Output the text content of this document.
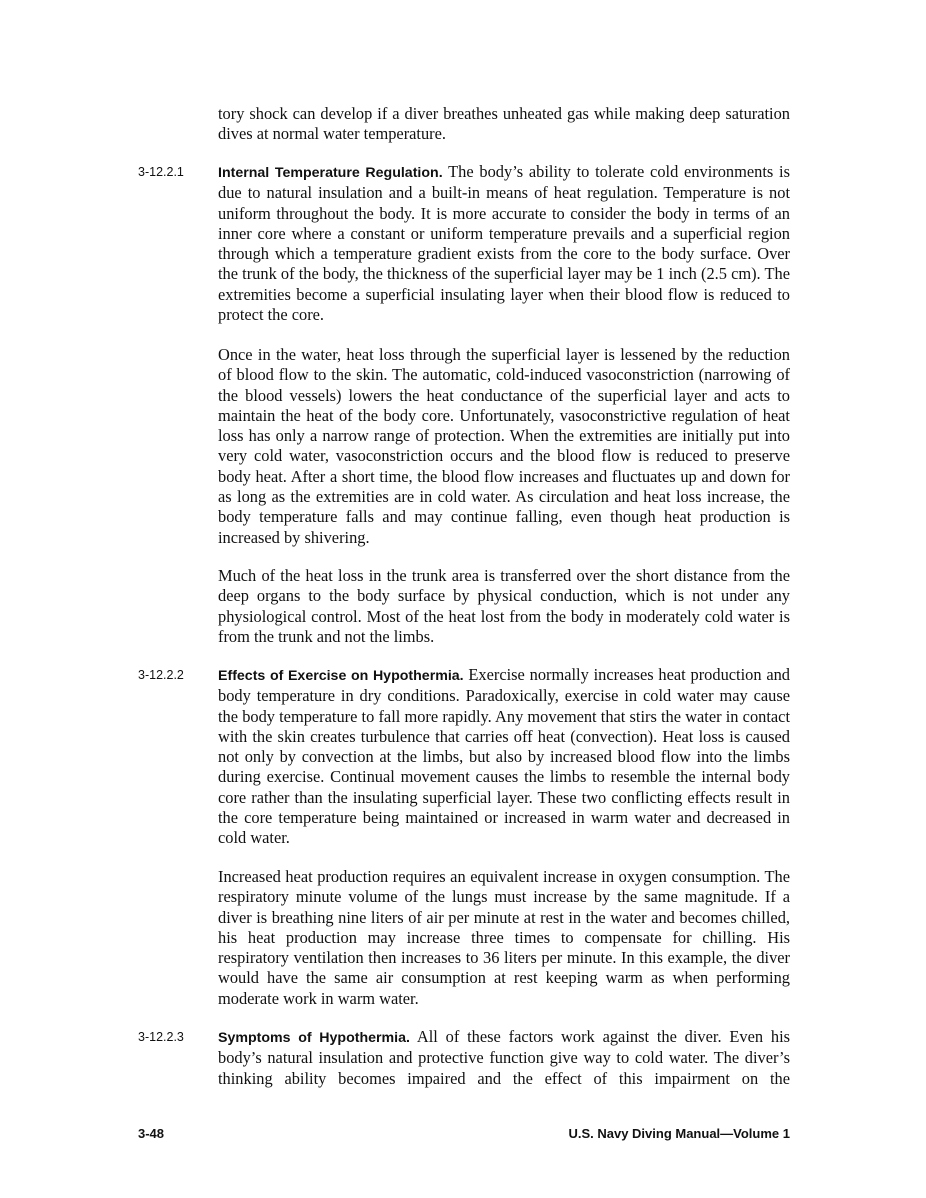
tory shock can develop if a diver breathes unheated gas while making deep saturation dives at normal water temperature.

3-12.2.1 Internal Temperature Regulation. The body’s ability to tolerate cold environments is due to natural insulation and a built-in means of heat regulation. Temperature is not uniform throughout the body. It is more accurate to consider the body in terms of an inner core where a constant or uniform temperature prevails and a superficial region through which a temperature gradient exists from the core to the body surface. Over the trunk of the body, the thickness of the superficial layer may be 1 inch (2.5 cm). The extremities become a superficial insulating layer when their blood flow is reduced to protect the core.

Once in the water, heat loss through the superficial layer is lessened by the reduction of blood flow to the skin. The automatic, cold-induced vasoconstriction (narrowing of the blood vessels) lowers the heat conductance of the superficial layer and acts to maintain the heat of the body core. Unfortunately, vasoconstrictive regulation of heat loss has only a narrow range of protection. When the extremities are initially put into very cold water, vasoconstriction occurs and the blood flow is reduced to preserve body heat. After a short time, the blood flow increases and fluctuates up and down for as long as the extremities are in cold water. As circulation and heat loss increase, the body temperature falls and may continue falling, even though heat production is increased by shivering.

Much of the heat loss in the trunk area is transferred over the short distance from the deep organs to the body surface by physical conduction, which is not under any physiological control. Most of the heat lost from the body in moderately cold water is from the trunk and not the limbs.

3-12.2.2 Effects of Exercise on Hypothermia. Exercise normally increases heat production and body temperature in dry conditions. Paradoxically, exercise in cold water may cause the body temperature to fall more rapidly. Any movement that stirs the water in contact with the skin creates turbulence that carries off heat (convection). Heat loss is caused not only by convection at the limbs, but also by increased blood flow into the limbs during exercise. Continual movement causes the limbs to resemble the internal body core rather than the insulating superficial layer. These two conflicting effects result in the core temperature being maintained or increased in warm water and decreased in cold water.

Increased heat production requires an equivalent increase in oxygen consumption. The respiratory minute volume of the lungs must increase by the same magnitude. If a diver is breathing nine liters of air per minute at rest in the water and becomes chilled, his heat production may increase three times to compensate for chilling. His respiratory ventilation then increases to 36 liters per minute. In this example, the diver would have the same air consumption at rest keeping warm as when performing moderate work in warm water.

3-12.2.3 Symptoms of Hypothermia. All of these factors work against the diver. Even his body’s natural insulation and protective function give way to cold water. The diver’s thinking ability becomes impaired and the effect of this impairment on the

3-48	U.S. Navy Diving Manual—Volume 1
